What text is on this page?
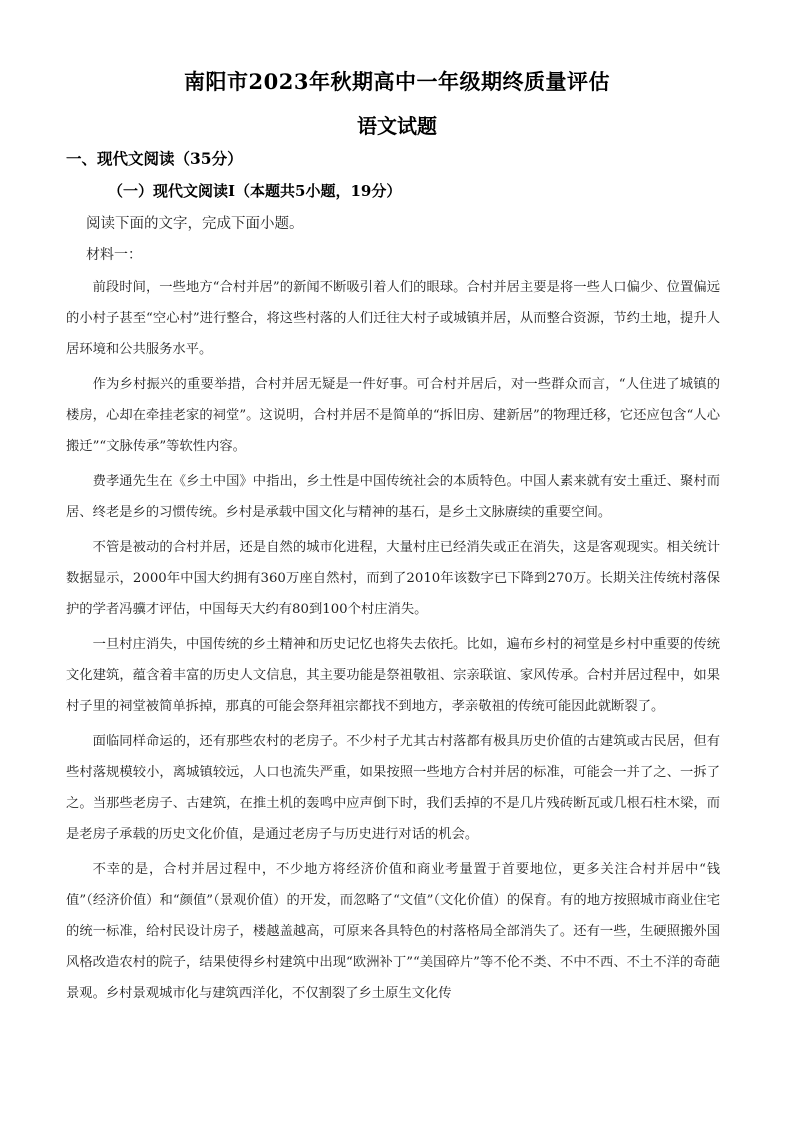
南阳市2023年秋期高中一年级期终质量评估
语文试题
一、现代文阅读（35分）
（一）现代文阅读Ⅰ（本题共5小题，19分）
阅读下面的文字，完成下面小题。
材料一：

前段时间，一些地方“合村并居”的新闻不断吸引着人们的眼球。合村并居主要是将一些人口偏少、位置偏远的小村子甚至“空心村”进行整合，将这些村落的人们迁往大村子或城镇并居，从而整合资源，节约土地，提升人居环境和公共服务水平。

作为乡村振兴的重要举措，合村并居无疑是一件好事。可合村并居后，对一些群众而言，“人住进了城镇的楼房，心却在牵挂老家的祠堂”。这说明，合村并居不是简单的“拆旧房、建新居”的物理迁移，它还应包含“人心搬迁”“文脉传承”等软性内容。

费孝通先生在《乡土中国》中指出，乡土性是中国传统社会的本质特色。中国人素来就有安土重迁、聚村而居、终老是乡的习惯传统。乡村是承载中国文化与精神的基石，是乡土文脉赓续的重要空间。

不管是被动的合村并居，还是自然的城市化进程，大量村庄已经消失或正在消失，这是客观现实。相关统计数据显示，2000年中国大约拥有360万座自然村，而到了2010年该数字已下降到270万。长期关注传统村落保护的学者冯骥才评估，中国每天大约有80到100个村庄消失。

一旦村庄消失，中国传统的乡土精神和历史记忆也将失去依托。比如，遍布乡村的祠堂是乡村中重要的传统文化建筑，蕴含着丰富的历史人文信息，其主要功能是祭祖敬祖、宗亲联谊、家风传承。合村并居过程中，如果村子里的祠堂被简单拆掉，那真的可能会祭拜祖宗都找不到地方，孝亲敬祖的传统可能因此就断裂了。

面临同样命运的，还有那些农村的老房子。不少村子尤其古村落都有极具历史价值的古建筑或古民居，但有些村落规模较小，离城镇较远，人口也流失严重，如果按照一些地方合村并居的标准，可能会一并了之、一拆了之。当那些老房子、古建筑，在推土机的轰鸣中应声倒下时，我们丢掉的不是几片残砖断瓦或几根石柱木梁，而是老房子承载的历史文化价值，是通过老房子与历史进行对话的机会。

不幸的是，合村并居过程中，不少地方将经济价值和商业考量置于首要地位，更多关注合村并居中“钱值”（经济价值）和“颜值”（景观价值）的开发，而忽略了“文值”（文化价值）的保育。有的地方按照城市商业住宅的统一标准，给村民设计房子，楼越盖越高，可原来各具特色的村落格局全部消失了。还有一些，生硬照搬外国风格改造农村的院子，结果使得乡村建筑中出现“欧洲补丁”“美国碎片”等不伦不类、不中不西、不土不洋的奇葩景观。乡村景观城市化与建筑西洋化，不仅割裂了乡土原生文化传
